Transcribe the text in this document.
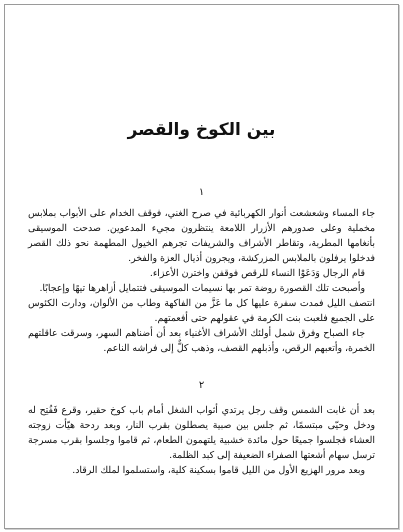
بين الكوخ والقصر
١

جاء المساء وشعشعت أنوار الكهربائية في صرح الغني، فوقف الخدام على الأبواب بملابس مخملية وعلى صدورهم الأزرار اللامعة ينتظرون مجيء المدعوين. صدحت الموسيقى بأنغامها المطربة، وتقاطر الأشراف والشريفات تجرهم الخيول المطهمة نحو ذلك القصر فدخلوا يرفلون بالملابس المزركشة، ويجرون أذيال العزة والفخر.

قام الرجال وَدَعَوْا النساء للرقص فوقفن واخترن الأعزاء.

وأصبحت تلك القصورة روضة تمر بها نسيمات الموسيقى فتتمايل أزاهرها تيهًا وإعجابًا.

انتصف الليل فمدت سفرة عليها كل ما عَزَّ من الفاكهة وطاب من الألوان، ودارت الكئوس على الجميع فلعبت بنت الكرمة في عقولهم حتى أفعمتهم.

جاء الصباح وفرق شمل أولئك الأشراف الأغنياء بعد أن أضناهم السهر، وسرقت عاقلتهم الخمرة، وأتعبهم الرقص، وأذبلهم القصف، وذهب كلٌّ إلى فراشه الناعم.

٢

بعد أن غابت الشمس وقف رجل يرتدي أثواب الشغل أمام باب كوخ حقير، وقرع فَفُتِح له ودخل وحيّى مبتسمًا، ثم جلس بين صبية يصطلون بقرب النار، وبعد ردحة هيّأت زوجته العشاء فجلسوا جميعًا حول مائدة خشبية يلتهمون الطعام، ثم قاموا وجلسوا بقرب مسرجة ترسل سهام أشعتها الصفراء الضعيفة إلى كبد الظلمة.

وبعد مرور الهزيع الأول من الليل قاموا بسكينة كلية، واستسلموا لملك الرقاد.
